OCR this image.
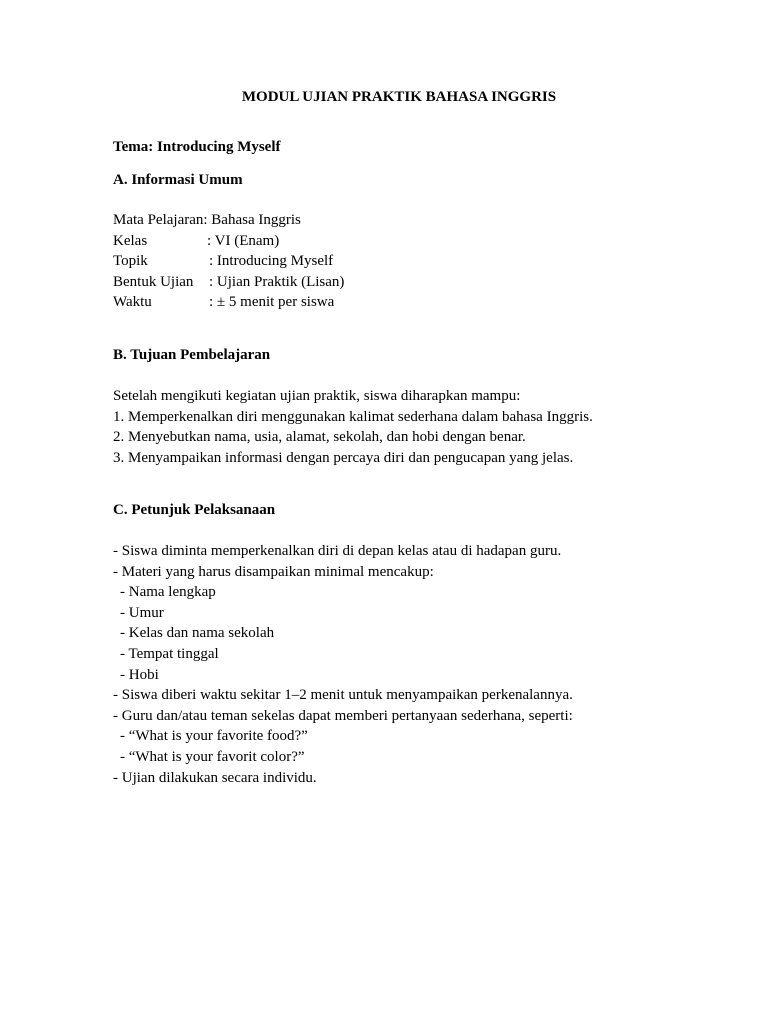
MODUL UJIAN PRAKTIK BAHASA INGGRIS
Tema: Introducing Myself
A. Informasi Umum
Mata Pelajaran: Bahasa Inggris
Kelas	: VI (Enam)
Topik	: Introducing Myself
Bentuk Ujian : Ujian Praktik (Lisan)
Waktu	: ± 5 menit per siswa
B. Tujuan Pembelajaran
Setelah mengikuti kegiatan ujian praktik, siswa diharapkan mampu:
1. Memperkenalkan diri menggunakan kalimat sederhana dalam bahasa Inggris.
2. Menyebutkan nama, usia, alamat, sekolah, dan hobi dengan benar.
3. Menyampaikan informasi dengan percaya diri dan pengucapan yang jelas.
C. Petunjuk Pelaksanaan
- Siswa diminta memperkenalkan diri di depan kelas atau di hadapan guru.
- Materi yang harus disampaikan minimal mencakup:
- Nama lengkap
- Umur
- Kelas dan nama sekolah
- Tempat tinggal
- Hobi
- Siswa diberi waktu sekitar 1–2 menit untuk menyampaikan perkenalannya.
- Guru dan/atau teman sekelas dapat memberi pertanyaan sederhana, seperti:
- “What is your favorite food?”
- “What is your favorit color?”
- Ujian dilakukan secara individu.
